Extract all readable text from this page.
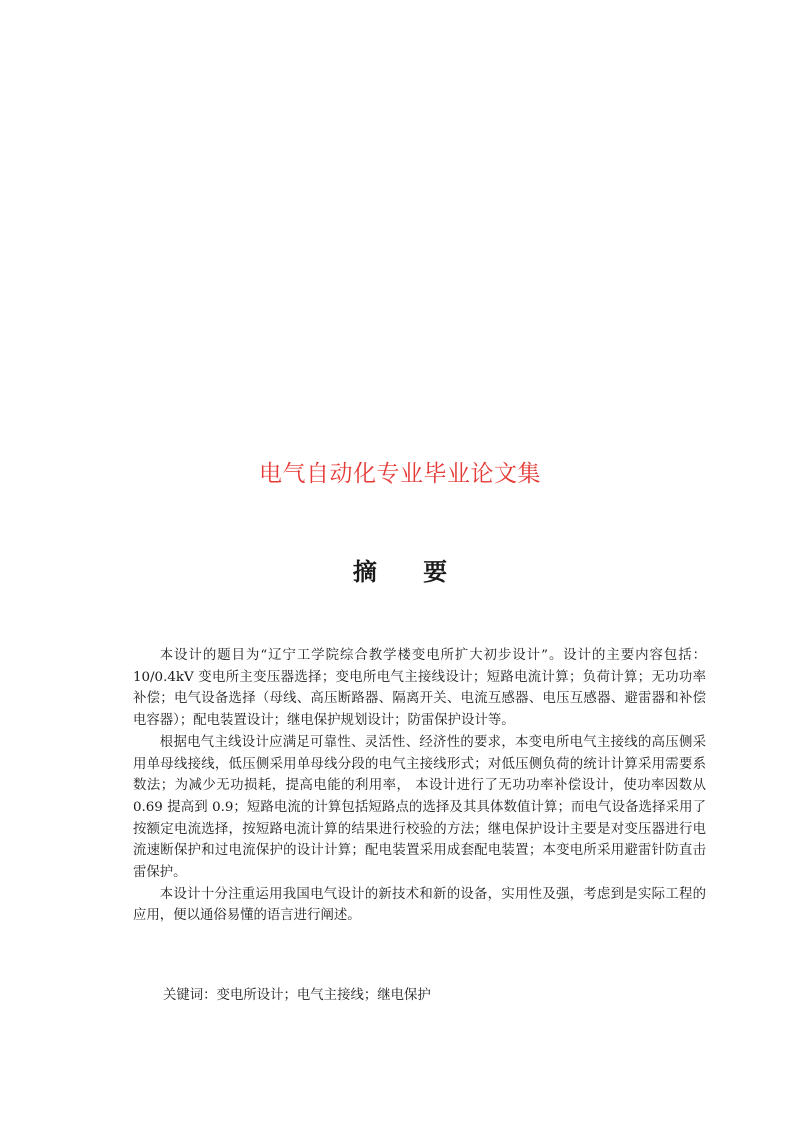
电气自动化专业毕业论文集
摘 要

本设计的题目为“辽宁工学院综合教学楼变电所扩大初步设计”。设计的主要内容包括：10/0.4kV 变电所主变压器选择；变电所电气主接线设计；短路电流计算；负荷计算；无功功率补偿；电气设备选择（母线、高压断路器、隔离开关、电流互感器、电压互感器、避雷器和补偿电容器）；配电装置设计；继电保护规划设计；防雷保护设计等。

根据电气主线设计应满足可靠性、灵活性、经济性的要求，本变电所电气主接线的高压侧采用单母线接线，低压侧采用单母线分段的电气主接线形式；对低压侧负荷的统计计算采用需要系数法；为减少无功损耗，提高电能的利用率， 本设计进行了无功功率补偿设计，使功率因数从 0.69 提高到 0.9；短路电流的计算包括短路点的选择及其具体数值计算；而电气设备选择采用了按额定电流选择，按短路电流计算的结果进行校验的方法；继电保护设计主要是对变压器进行电流速断保护和过电流保护的设计计算；配电装置采用成套配电装置；本变电所采用避雷针防直击雷保护。

本设计十分注重运用我国电气设计的新技术和新的设备，实用性及强，考虑到是实际工程的应用，便以通俗易懂的语言进行阐述。

关键词：变电所设计；电气主接线；继电保护
